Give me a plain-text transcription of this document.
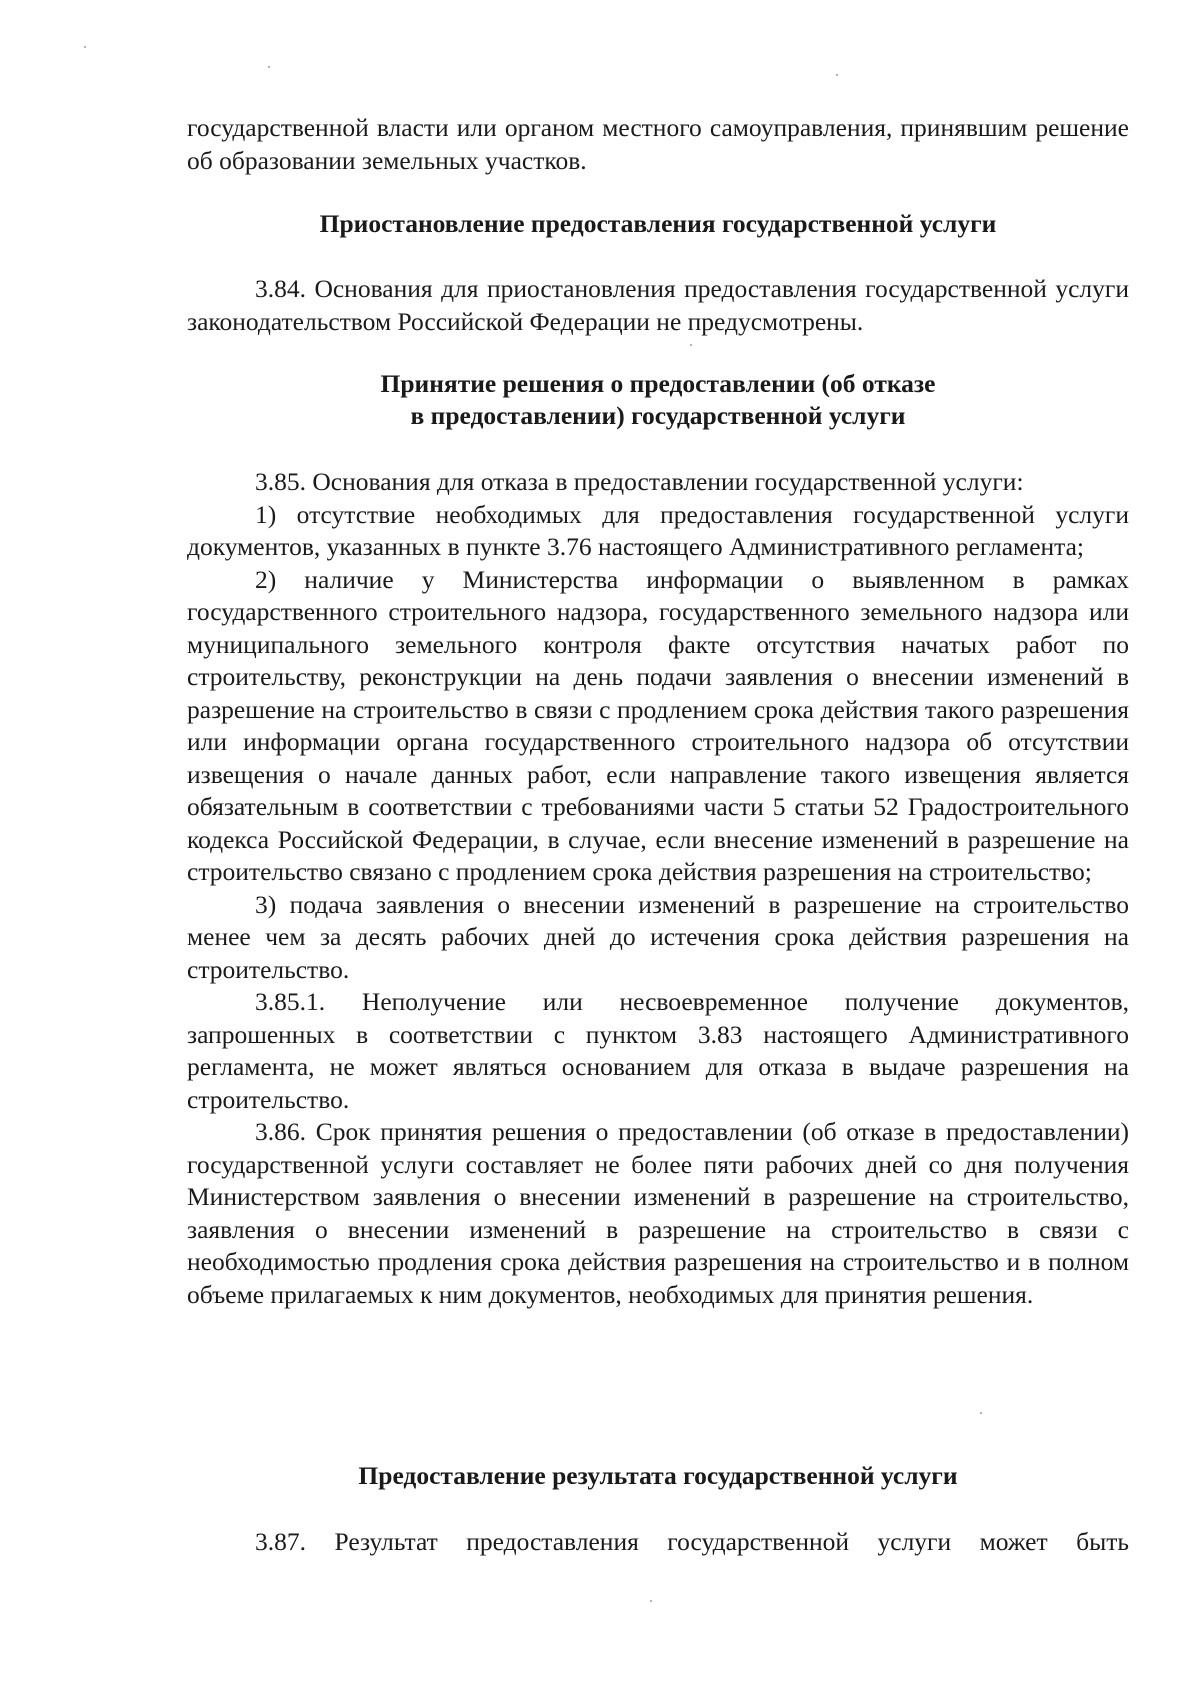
государственной власти или органом местного самоуправления, принявшим решение об образовании земельных участков.

Приостановление предоставления государственной услуги

3.84. Основания для приостановления предоставления государственной услуги законодательством Российской Федерации не предусмотрены.

Принятие решения о предоставлении (об отказе

в предоставлении) государственной услуги

3.85. Основания для отказа в предоставлении государственной услуги:

1) отсутствие необходимых для предоставления государственной услуги документов, указанных в пункте 3.76 настоящего Административного регламента;

2) наличие у Министерства информации о выявленном в рамках государственного строительного надзора, государственного земельного надзора или муниципального земельного контроля факте отсутствия начатых работ по строительству, реконструкции на день подачи заявления о внесении изменений в разрешение на строительство в связи с продлением срока действия такого разрешения или информации органа государственного строительного надзора об отсутствии извещения о начале данных работ, если направление такого извещения является обязательным в соответствии с требованиями части 5 статьи 52 Градостроительного кодекса Российской Федерации, в случае, если внесение изменений в разрешение на строительство связано с продлением срока действия разрешения на строительство;

3) подача заявления о внесении изменений в разрешение на строительство менее чем за десять рабочих дней до истечения срока действия разрешения на строительство.

3.85.1. Неполучение или несвоевременное получение документов, запрошенных в соответствии с пунктом 3.83 настоящего Административного регламента, не может являться основанием для отказа в выдаче разрешения на строительство.

3.86. Срок принятия решения о предоставлении (об отказе в предоставлении) государственной услуги составляет не более пяти рабочих дней со дня получения Министерством заявления о внесении изменений в разрешение на строительство, заявления о внесении изменений в разрешение на строительство в связи с необходимостью продления срока действия разрешения на строительство и в полном объеме прилагаемых к ним документов, необходимых для принятия решения.

Предоставление результата государственной услуги

3.87. Результат предоставления государственной услуги может быть
